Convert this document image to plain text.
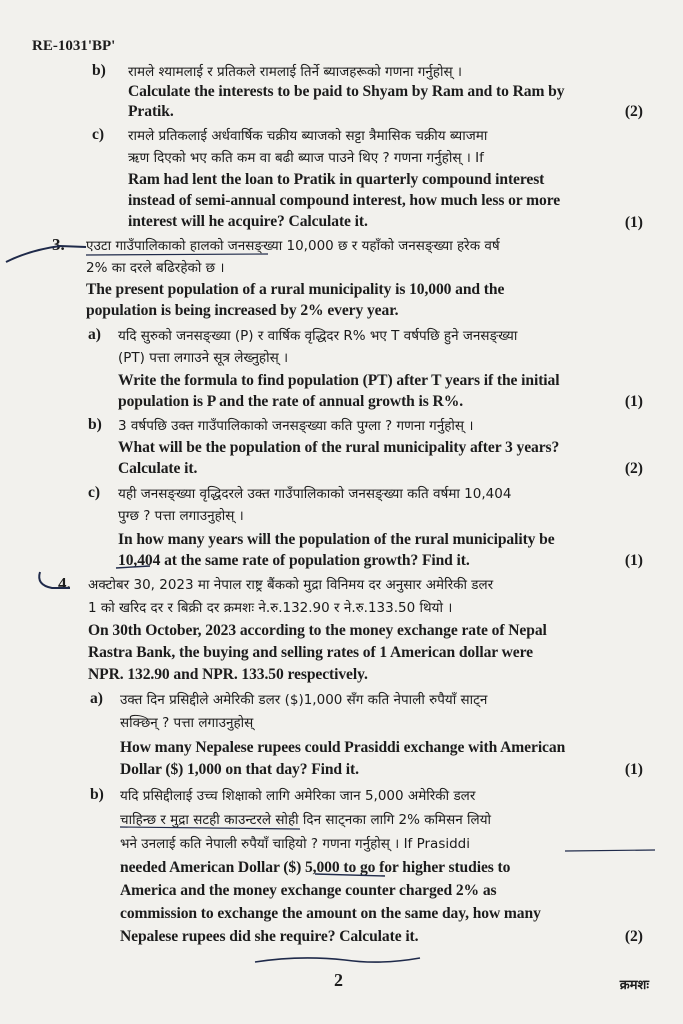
RE-1031'BP'
b) रामले श्यामलाई र प्रतिकले रामलाई तिर्ने ब्याजहरूको गणना गर्नुहोस् ।
Calculate the interests to be paid to Shyam by Ram and to Ram by
Pratik.	(2)
c) रामले प्रतिकलाई अर्धवार्षिक चक्रीय ब्याजको सट्टा त्रैमासिक चक्रीय ब्याजमा
ऋण दिएको भए कति कम वा बढी ब्याज पाउने थिए ? गणना गर्नुहोस् । If
Ram had lent the loan to Pratik in quarterly compound interest
instead of semi-annual compound interest, how much less or more
interest will he acquire? Calculate it.	(1)
3. एउटा गाउँपालिकाको हालको जनसङ्ख्या 10,000 छ र यहाँको जनसङ्ख्या हरेक वर्ष
2% का दरले बढिरहेको छ ।
The present population of a rural municipality is 10,000 and the
population is being increased by 2% every year.
a) यदि सुरुको जनसङ्ख्या (P) र वार्षिक वृद्धिदर R% भए T वर्षपछि हुने जनसङ्ख्या
(PT) पत्ता लगाउने सूत्र लेख्नुहोस् ।
Write the formula to find population (PT) after T years if the initial
population is P and the rate of annual growth is R%.	(1)
b) 3 वर्षपछि उक्त गाउँपालिकाको जनसङ्ख्या कति पुग्ला ? गणना गर्नुहोस् ।
What will be the population of the rural municipality after 3 years?
Calculate it.	(2)
c) यही जनसङ्ख्या वृद्धिदरले उक्त गाउँपालिकाको जनसङ्ख्या कति वर्षमा 10,404
पुग्छ ? पत्ता लगाउनुहोस् ।
In how many years will the population of the rural municipality be
10,404 at the same rate of population growth? Find it.	(1)
4. अक्टोबर 30, 2023 मा नेपाल राष्ट्र बैंकको मुद्रा विनिमय दर अनुसार अमेरिकी डलर
1 को खरिद दर र बिक्री दर क्रमशः ने.रु.132.90 र ने.रु.133.50 थियो ।
On 30th October, 2023 according to the money exchange rate of Nepal
Rastra Bank, the buying and selling rates of 1 American dollar were
NPR. 132.90 and NPR. 133.50 respectively.
a) उक्त दिन प्रसिद्दीले अमेरिकी डलर ($)1,000 सँग कति नेपाली रुपैयाँ साट्न
सक्छिन् ? पत्ता लगाउनुहोस्
How many Nepalese rupees could Prasiddi exchange with American
Dollar ($) 1,000 on that day? Find it.	(1)
b) यदि प्रसिद्दीलाई उच्च शिक्षाको लागि अमेरिका जान 5,000 अमेरिकी डलर
चाहिन्छ र मुद्रा सटही काउन्टरले सोही दिन साट्नका लागि 2% कमिसन लियो
भने उनलाई कति नेपाली रुपैयाँ चाहियो ? गणना गर्नुहोस् । If Prasiddi
needed American Dollar ($) 5,000 to go for higher studies to
America and the money exchange counter charged 2% as
commission to exchange the amount on the same day, how many
Nepalese rupees did she require? Calculate it.	(2)
2	क्रमशः
